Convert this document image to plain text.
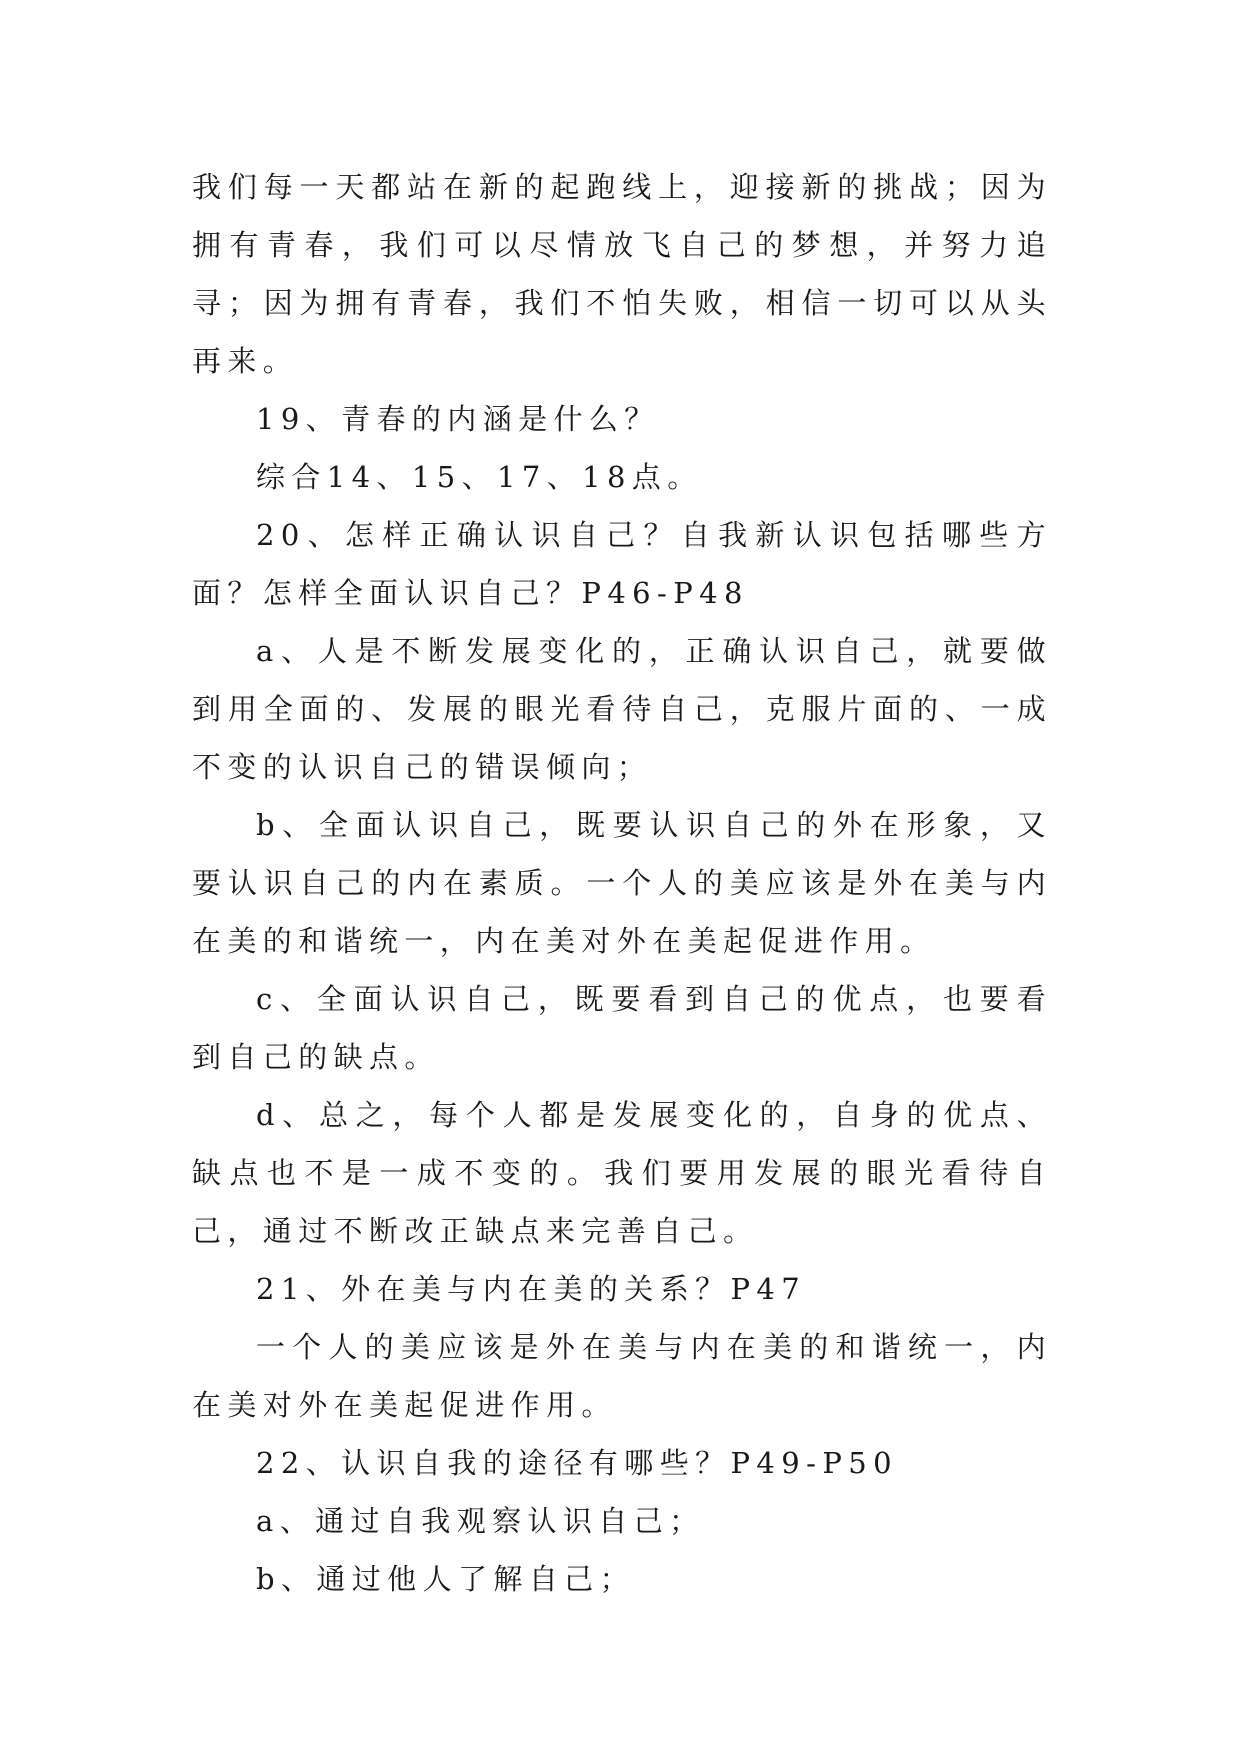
我们每一天都站在新的起跑线上，迎接新的挑战；因为拥有青春，我们可以尽情放飞自己的梦想，并努力追寻；因为拥有青春，我们不怕失败，相信一切可以从头再来。

19、青春的内涵是什么？

综合14、15、17、18点。

20、怎样正确认识自己？自我新认识包括哪些方面？怎样全面认识自己？P46-P48

a、人是不断发展变化的，正确认识自己，就要做到用全面的、发展的眼光看待自己，克服片面的、一成不变的认识自己的错误倾向；

b、全面认识自己，既要认识自己的外在形象，又要认识自己的内在素质。一个人的美应该是外在美与内在美的和谐统一，内在美对外在美起促进作用。

c、全面认识自己，既要看到自己的优点，也要看到自己的缺点。

d、总之，每个人都是发展变化的，自身的优点、缺点也不是一成不变的。我们要用发展的眼光看待自己，通过不断改正缺点来完善自己。

21、外在美与内在美的关系？P47

一个人的美应该是外在美与内在美的和谐统一，内在美对外在美起促进作用。

22、认识自我的途径有哪些？P49-P50

a、通过自我观察认识自己；

b、通过他人了解自己；
